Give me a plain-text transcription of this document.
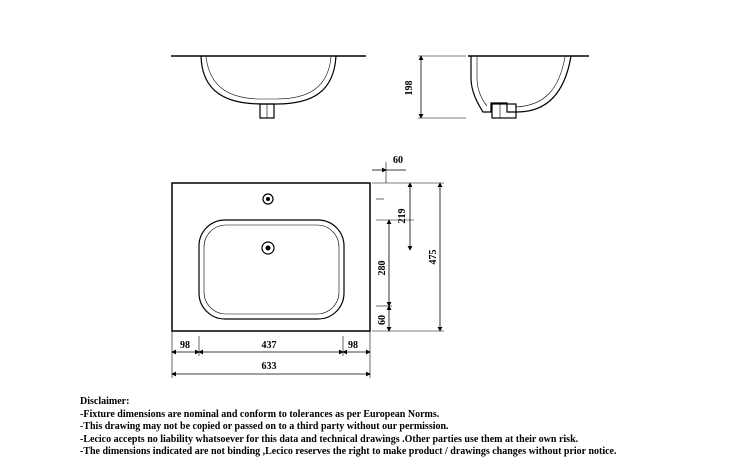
198
60
219
280
475
60
98	437	98
633
Disclaimer:
-Fixture dimensions are nominal and conform to tolerances as per European Norms.
-This drawing may not be copied or passed on to a third party without our permission.
-Lecico accepts no liability whatsoever for this data and technical drawings .Other parties use them at their own risk.
-The dimensions indicated are not binding ,Lecico reserves the right to make product / drawings changes without prior notice.
